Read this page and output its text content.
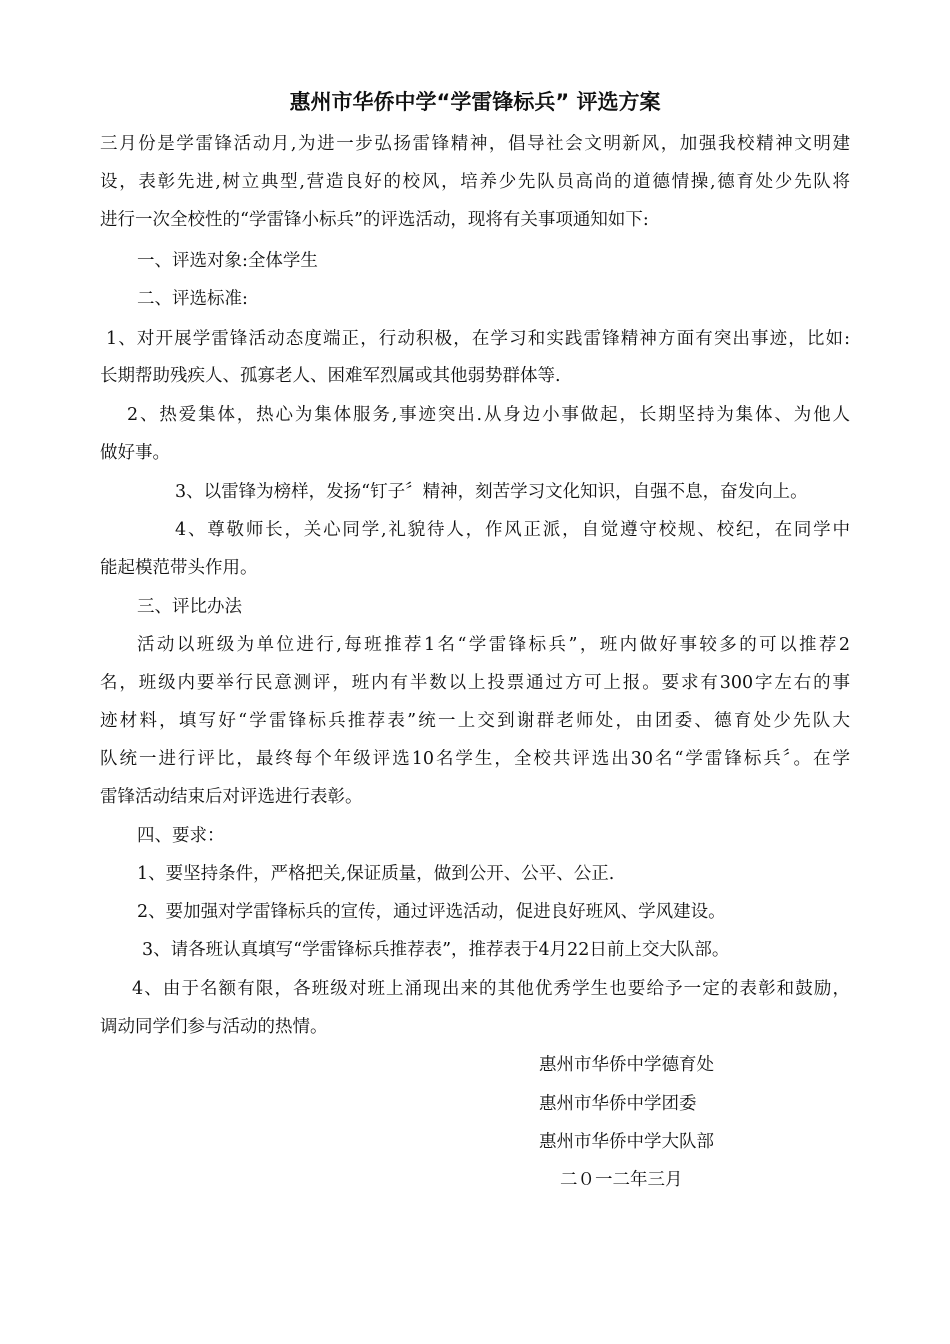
惠州市华侨中学“学雷锋标兵” 评选方案

三月份是学雷锋活动月,为进一步弘扬雷锋精神，倡导社会文明新风，加强我校精神文明建

设，表彰先进,树立典型,营造良好的校风，培养少先队员高尚的道德情操,德育处少先队将

进行一次全校性的“学雷锋小标兵”的评选活动，现将有关事项通知如下:

一、评选对象:全体学生

二、评选标准:

1、对开展学雷锋活动态度端正，行动积极，在学习和实践雷锋精神方面有突出事迹，比如:

长期帮助残疾人、孤寡老人、困难军烈属或其他弱势群体等.

2、热爱集体，热心为集体服务,事迹突出.从身边小事做起，长期坚持为集体、为他人

做好事。

3、以雷锋为榜样，发扬“钉子〞精神，刻苦学习文化知识，自强不息，奋发向上。

4、尊敬师长，关心同学,礼貌待人，作风正派，自觉遵守校规、校纪，在同学中

能起模范带头作用。

三、评比办法

活动以班级为单位进行,每班推荐1名“学雷锋标兵”，班内做好事较多的可以推荐2

名，班级内要举行民意测评，班内有半数以上投票通过方可上报。要求有300字左右的事

迹材料，填写好“学雷锋标兵推荐表”统一上交到谢群老师处，由团委、德育处少先队大

队统一进行评比，最终每个年级评选10名学生，全校共评选出30名“学雷锋标兵〞。在学

雷锋活动结束后对评选进行表彰。

四、要求：

1、要坚持条件，严格把关,保证质量，做到公开、公平、公正.

2、要加强对学雷锋标兵的宣传，通过评选活动，促进良好班风、学风建设。

3、请各班认真填写“学雷锋标兵推荐表”，推荐表于4月22日前上交大队部。

4、由于名额有限，各班级对班上涌现出来的其他优秀学生也要给予一定的表彰和鼓励，

调动同学们参与活动的热情。

惠州市华侨中学德育处

惠州市华侨中学团委

惠州市华侨中学大队部

二０一二年三月
